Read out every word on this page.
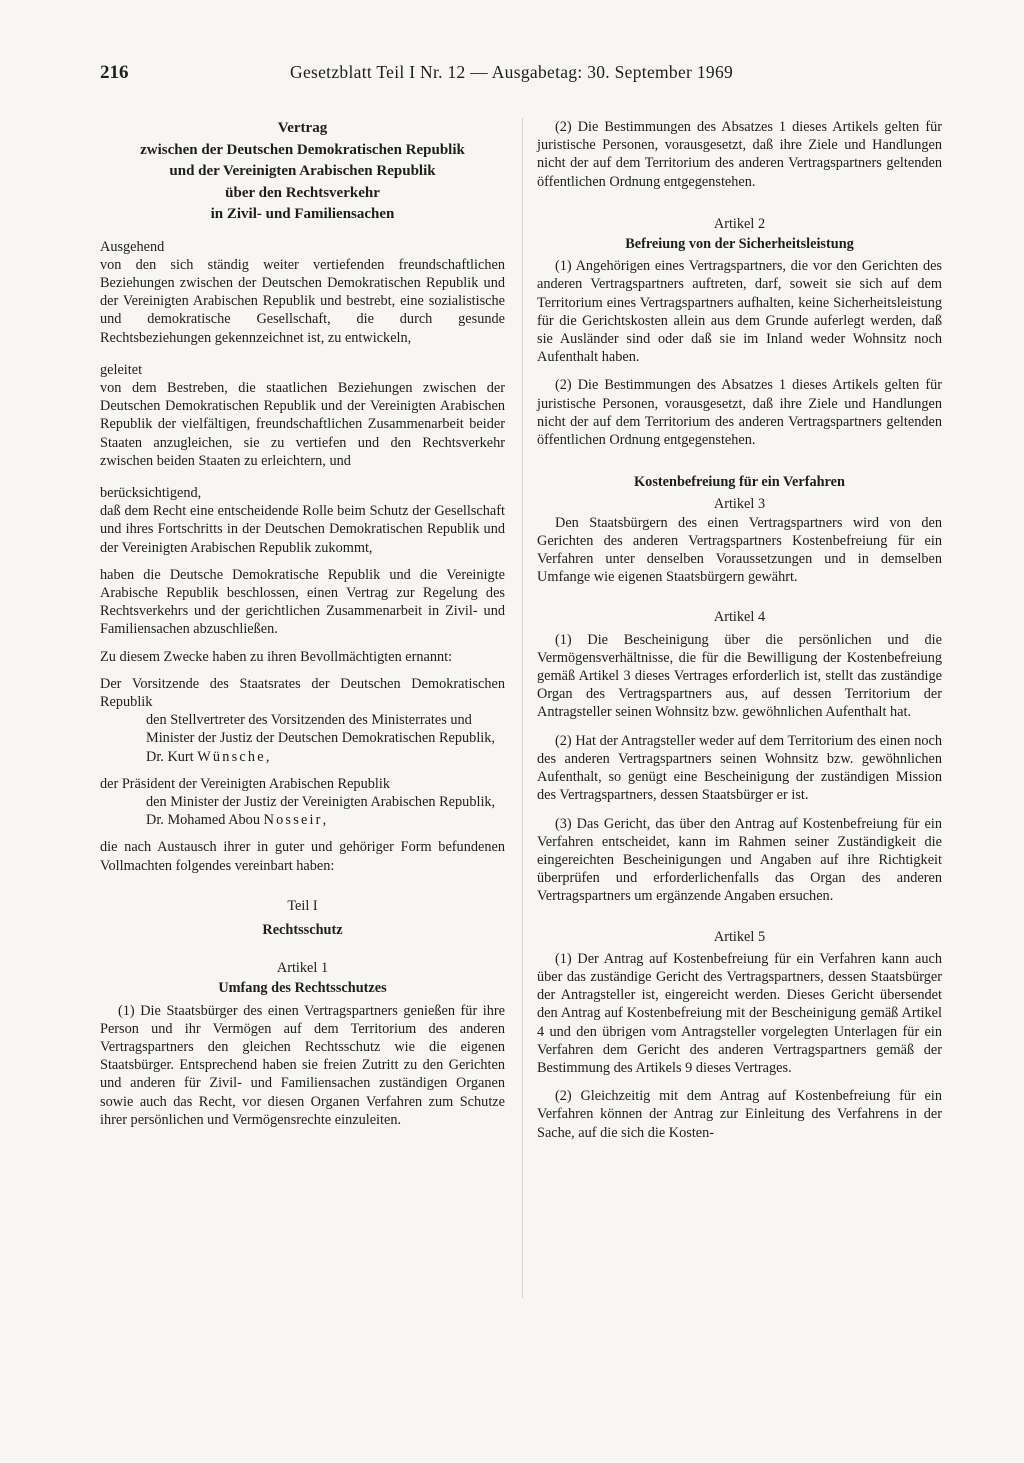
216	Gesetzblatt Teil I Nr. 12 — Ausgabetag: 30. September 1969
Vertrag
zwischen der Deutschen Demokratischen Republik
und der Vereinigten Arabischen Republik
über den Rechtsverkehr
in Zivil- und Familiensachen

Ausgehend

von den sich ständig weiter vertiefenden freundschaftlichen Beziehungen zwischen der Deutschen Demokratischen Republik und der Vereinigten Arabischen Republik und bestrebt, eine sozialistische und demokratische Gesellschaft, die durch gesunde Rechtsbeziehungen gekennzeichnet ist, zu entwickeln,

geleitet

von dem Bestreben, die staatlichen Beziehungen zwischen der Deutschen Demokratischen Republik und der Vereinigten Arabischen Republik der vielfältigen, freundschaftlichen Zusammenarbeit beider Staaten anzugleichen, sie zu vertiefen und den Rechtsverkehr zwischen beiden Staaten zu erleichtern, und

berücksichtigend,

daß dem Recht eine entscheidende Rolle beim Schutz der Gesellschaft und ihres Fortschritts in der Deutschen Demokratischen Republik und der Vereinigten Arabischen Republik zukommt,

haben die Deutsche Demokratische Republik und die Vereinigte Arabische Republik beschlossen, einen Vertrag zur Regelung des Rechtsverkehrs und der gerichtlichen Zusammenarbeit in Zivil- und Familiensachen abzuschließen.

Zu diesem Zwecke haben zu ihren Bevollmächtigten ernannt:

Der Vorsitzende des Staatsrates der Deutschen Demokratischen Republik

den Stellvertreter des Vorsitzenden des Ministerrates und Minister der Justiz der Deutschen Demokratischen Republik,

Dr. Kurt Wünsche,

der Präsident der Vereinigten Arabischen Republik

den Minister der Justiz der Vereinigten Arabischen Republik,

Dr. Mohamed Abou Nosseir,

die nach Austausch ihrer in guter und gehöriger Form befundenen Vollmachten folgendes vereinbart haben:

Teil I

Rechtsschutz

Artikel 1

Umfang des Rechtsschutzes

(1) Die Staatsbürger des einen Vertragspartners genießen für ihre Person und ihr Vermögen auf dem Territorium des anderen Vertragspartners den gleichen Rechtsschutz wie die eigenen Staatsbürger. Entsprechend haben sie freien Zutritt zu den Gerichten und anderen für Zivil- und Familiensachen zuständigen Organen sowie auch das Recht, vor diesen Organen Verfahren zum Schutze ihrer persönlichen und Vermögensrechte einzuleiten.

(2) Die Bestimmungen des Absatzes 1 dieses Artikels gelten für juristische Personen, vorausgesetzt, daß ihre Ziele und Handlungen nicht der auf dem Territorium des anderen Vertragspartners geltenden öffentlichen Ordnung entgegenstehen.

Artikel 2

Befreiung von der Sicherheitsleistung

(1) Angehörigen eines Vertragspartners, die vor den Gerichten des anderen Vertragspartners auftreten, darf, soweit sie sich auf dem Territorium eines Vertragspartners aufhalten, keine Sicherheitsleistung für die Gerichtskosten allein aus dem Grunde auferlegt werden, daß sie Ausländer sind oder daß sie im Inland weder Wohnsitz noch Aufenthalt haben.

(2) Die Bestimmungen des Absatzes 1 dieses Artikels gelten für juristische Personen, vorausgesetzt, daß ihre Ziele und Handlungen nicht der auf dem Territorium des anderen Vertragspartners geltenden öffentlichen Ordnung entgegenstehen.

Kostenbefreiung für ein Verfahren

Artikel 3

Den Staatsbürgern des einen Vertragspartners wird von den Gerichten des anderen Vertragspartners Kostenbefreiung für ein Verfahren unter denselben Voraussetzungen und in demselben Umfange wie eigenen Staatsbürgern gewährt.

Artikel 4

(1) Die Bescheinigung über die persönlichen und die Vermögensverhältnisse, die für die Bewilligung der Kostenbefreiung gemäß Artikel 3 dieses Vertrages erforderlich ist, stellt das zuständige Organ des Vertragspartners aus, auf dessen Territorium der Antragsteller seinen Wohnsitz bzw. gewöhnlichen Aufenthalt hat.

(2) Hat der Antragsteller weder auf dem Territorium des einen noch des anderen Vertragspartners seinen Wohnsitz bzw. gewöhnlichen Aufenthalt, so genügt eine Bescheinigung der zuständigen Mission des Vertragspartners, dessen Staatsbürger er ist.

(3) Das Gericht, das über den Antrag auf Kostenbefreiung für ein Verfahren entscheidet, kann im Rahmen seiner Zuständigkeit die eingereichten Bescheinigungen und Angaben auf ihre Richtigkeit überprüfen und erforderlichenfalls das Organ des anderen Vertragspartners um ergänzende Angaben ersuchen.

Artikel 5

(1) Der Antrag auf Kostenbefreiung für ein Verfahren kann auch über das zuständige Gericht des Vertragspartners, dessen Staatsbürger der Antragsteller ist, eingereicht werden. Dieses Gericht übersendet den Antrag auf Kostenbefreiung mit der Bescheinigung gemäß Artikel 4 und den übrigen vom Antragsteller vorgelegten Unterlagen für ein Verfahren dem Gericht des anderen Vertragspartners gemäß der Bestimmung des Artikels 9 dieses Vertrages.

(2) Gleichzeitig mit dem Antrag auf Kostenbefreiung für ein Verfahren können der Antrag zur Einleitung des Verfahrens in der Sache, auf die sich die Kosten-
